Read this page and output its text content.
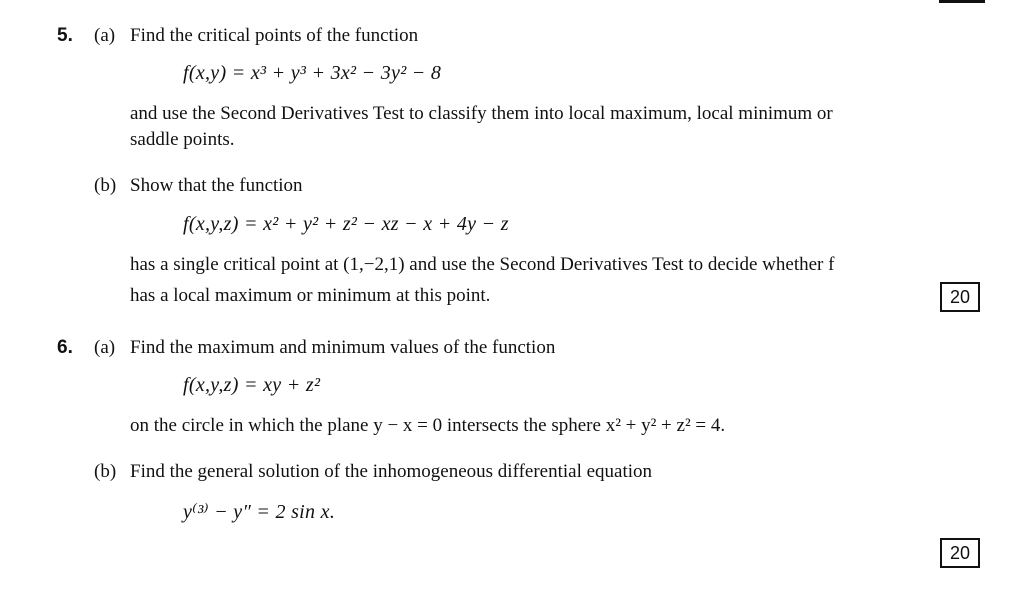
5. (a) Find the critical points of the function
f(x,y) = x³ + y³ + 3x² − 3y² − 8
and use the Second Derivatives Test to classify them into local maximum, local minimum or
saddle points.
(b) Show that the function
f(x,y,z) = x² + y² + z² − xz − x + 4y − z
has a single critical point at (1,−2,1) and use the Second Derivatives Test to decide whether f
has a local maximum or minimum at this point.	20
6. (a) Find the maximum and minimum values of the function
f(x,y,z) = xy + z²
on the circle in which the plane y − x = 0 intersects the sphere x² + y² + z² = 4.
(b) Find the general solution of the inhomogeneous differential equation
y⁽³⁾ − y″ = 2 sin x.
20
